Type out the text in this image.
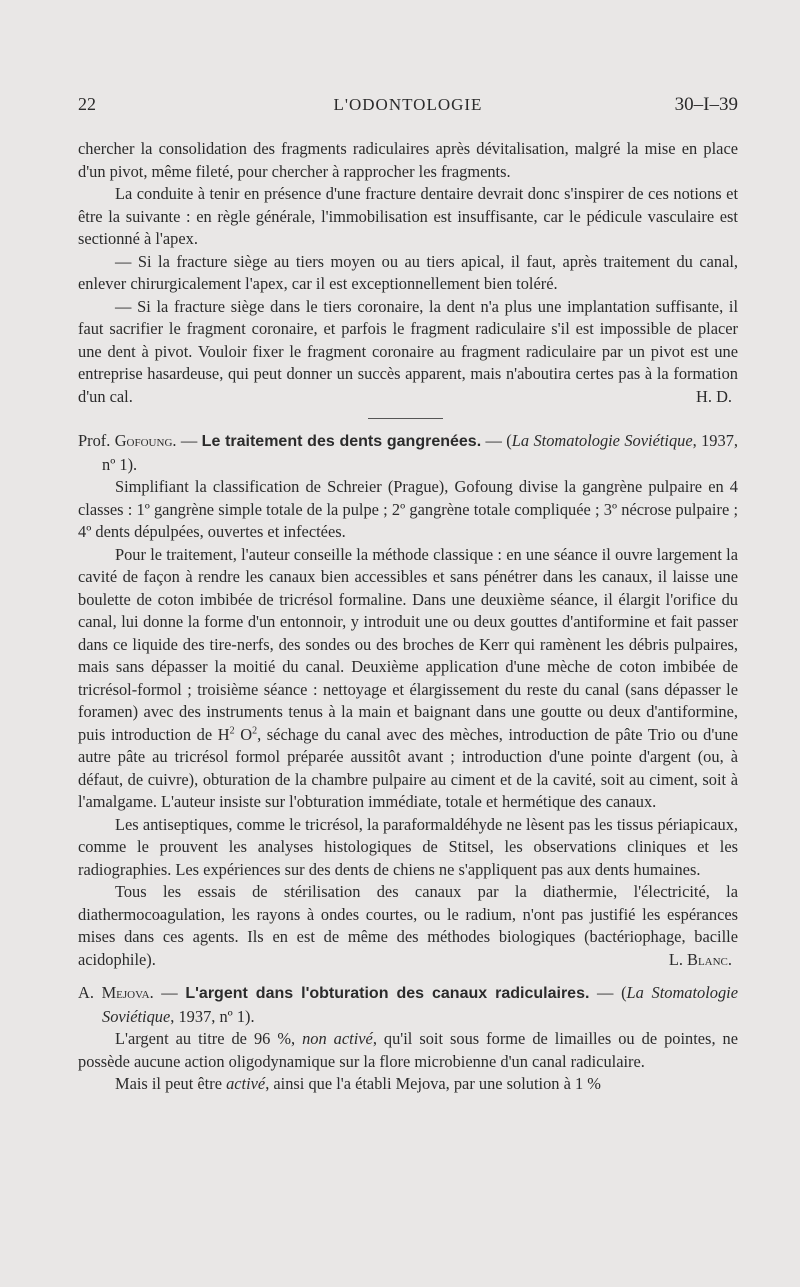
22	L'ODONTOLOGIE	30–I–39

chercher la consolidation des fragments radiculaires après dévitalisation, malgré la mise en place d'un pivot, même fileté, pour chercher à rapprocher les fragments.

La conduite à tenir en présence d'une fracture dentaire devrait donc s'inspirer de ces notions et être la suivante : en règle générale, l'immobilisation est insuffisante, car le pédicule vasculaire est sectionné à l'apex.

— Si la fracture siège au tiers moyen ou au tiers apical, il faut, après traitement du canal, enlever chirurgicalement l'apex, car il est exceptionnellement bien toléré.

— Si la fracture siège dans le tiers coronaire, la dent n'a plus une implantation suffisante, il faut sacrifier le fragment coronaire, et parfois le fragment radiculaire s'il est impossible de placer une dent à pivot. Vouloir fixer le fragment coronaire au fragment radiculaire par un pivot est une entreprise hasardeuse, qui peut donner un succès apparent, mais n'aboutira certes pas à la formation d'un cal.	H. D.

Prof. Gofoung. — Le traitement des dents gangrenées. — (La Stomatologie Soviétique, 1937, nº 1).

Simplifiant la classification de Schreier (Prague), Gofoung divise la gangrène pulpaire en 4 classes : 1º gangrène simple totale de la pulpe ; 2º gangrène totale compliquée ; 3º nécrose pulpaire ; 4º dents dépulpées, ouvertes et infectées.

Pour le traitement, l'auteur conseille la méthode classique : en une séance il ouvre largement la cavité de façon à rendre les canaux bien accessibles et sans pénétrer dans les canaux, il laisse une boulette de coton imbibée de tricrésol formaline. Dans une deuxième séance, il élargit l'orifice du canal, lui donne la forme d'un entonnoir, y introduit une ou deux gouttes d'antiformine et fait passer dans ce liquide des tire-nerfs, des sondes ou des broches de Kerr qui ramènent les débris pulpaires, mais sans dépasser la moitié du canal. Deuxième application d'une mèche de coton imbibée de tricrésol-formol ; troisième séance : nettoyage et élargissement du reste du canal (sans dépasser le foramen) avec des instruments tenus à la main et baignant dans une goutte ou deux d'antiformine, puis introduction de $H^2$ $O^2$, séchage du canal avec des mèches, introduction de pâte Trio ou d'une autre pâte au tricrésol formol préparée aussitôt avant ; introduction d'une pointe d'argent (ou, à défaut, de cuivre), obturation de la chambre pulpaire au ciment et de la cavité, soit au ciment, soit à l'amalgame. L'auteur insiste sur l'obturation immédiate, totale et hermétique des canaux.

Les antiseptiques, comme le tricrésol, la paraformaldéhyde ne lèsent pas les tissus périapicaux, comme le prouvent les analyses histologiques de Stitsel, les observations cliniques et les radiographies. Les expériences sur des dents de chiens ne s'appliquent pas aux dents humaines.

Tous les essais de stérilisation des canaux par la diathermie, l'électricité, la diathermocoagulation, les rayons à ondes courtes, ou le radium, n'ont pas justifié les espérances mises dans ces agents. Ils en est de même des méthodes biologiques (bactériophage, bacille acidophile).	L. Blanc.

A. Mejova. — L'argent dans l'obturation des canaux radiculaires. — (La Stomatologie Soviétique, 1937, nº 1).

L'argent au titre de 96 %, non activé, qu'il soit sous forme de limailles ou de pointes, ne possède aucune action oligodynamique sur la flore microbienne d'un canal radiculaire.

Mais il peut être activé, ainsi que l'a établi Mejova, par une solution à 1 %
